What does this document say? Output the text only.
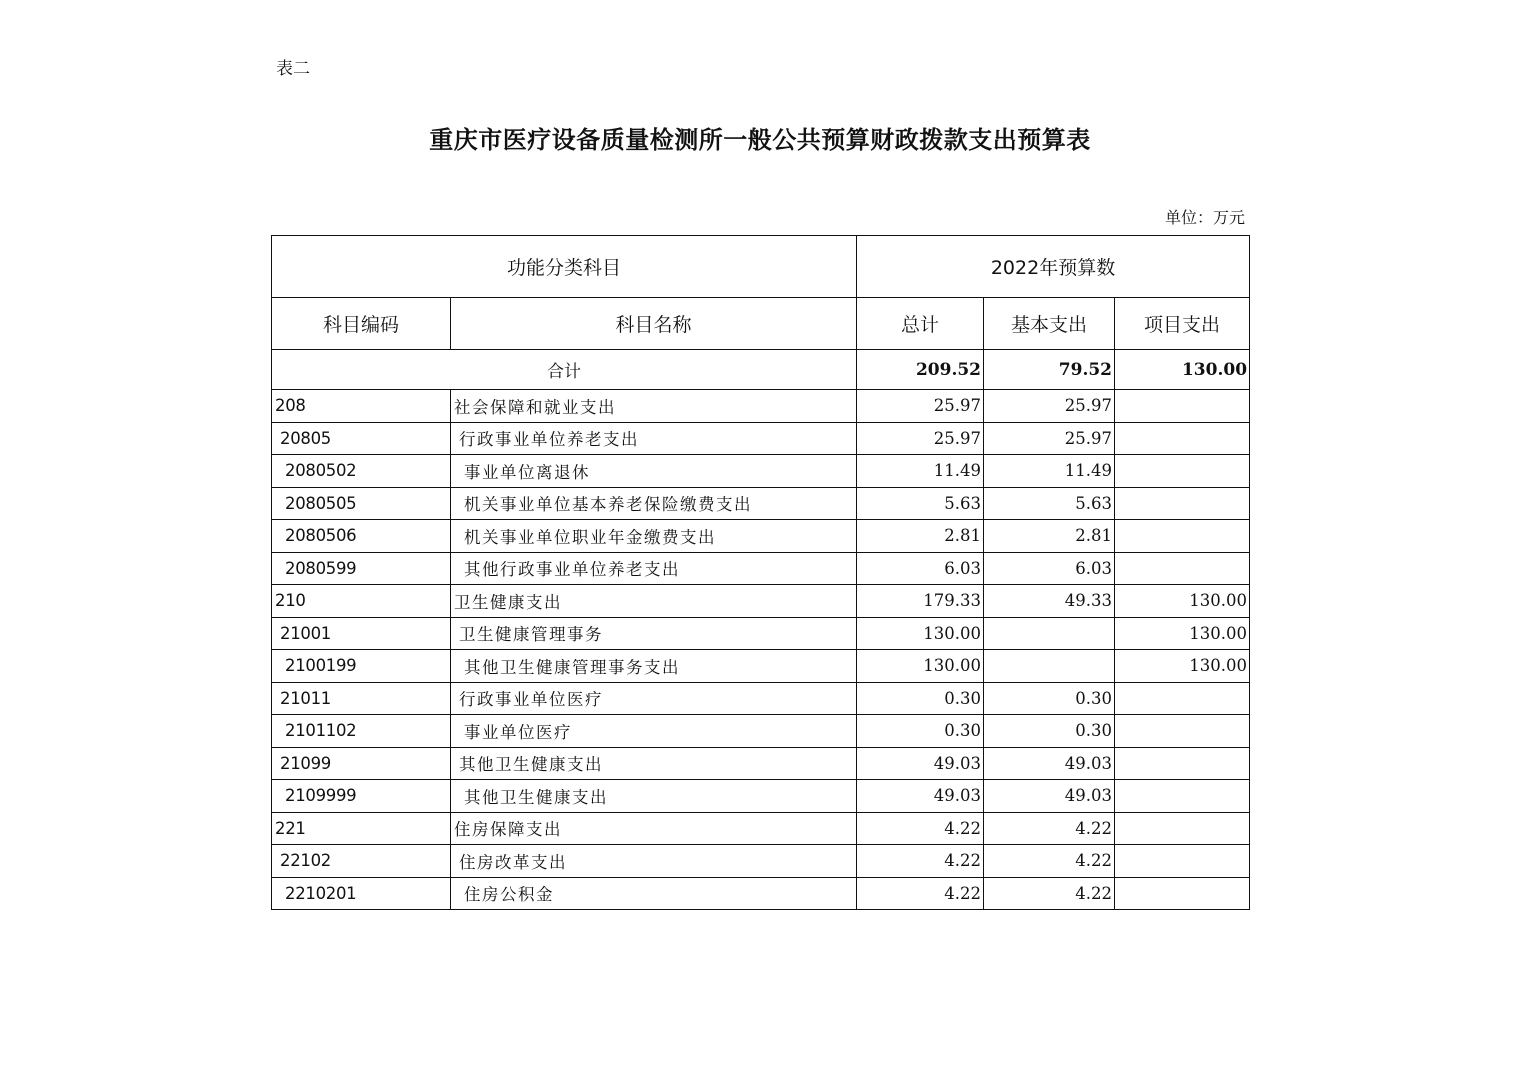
表二
重庆市医疗设备质量检测所一般公共预算财政拨款支出预算表
单位：万元
功能分类科目		2022年预算数		
科目编码	科目名称	总计	基本支出	项目支出
合计		209.52	79.52	130.00
208	社会保障和就业支出	25.97	25.97	
20805	行政事业单位养老支出	25.97	25.97	
2080502	事业单位离退休	11.49	11.49	
2080505	机关事业单位基本养老保险缴费支出	5.63	5.63	
2080506	机关事业单位职业年金缴费支出	2.81	2.81	
2080599	其他行政事业单位养老支出	6.03	6.03	
210	卫生健康支出	179.33	49.33	130.00
21001	卫生健康管理事务	130.00		130.00
2100199	其他卫生健康管理事务支出	130.00		130.00
21011	行政事业单位医疗	0.30	0.30	
2101102	事业单位医疗	0.30	0.30	
21099	其他卫生健康支出	49.03	49.03	
2109999	其他卫生健康支出	49.03	49.03	
221	住房保障支出	4.22	4.22	
22102	住房改革支出	4.22	4.22	
2210201	住房公积金	4.22	4.22	
